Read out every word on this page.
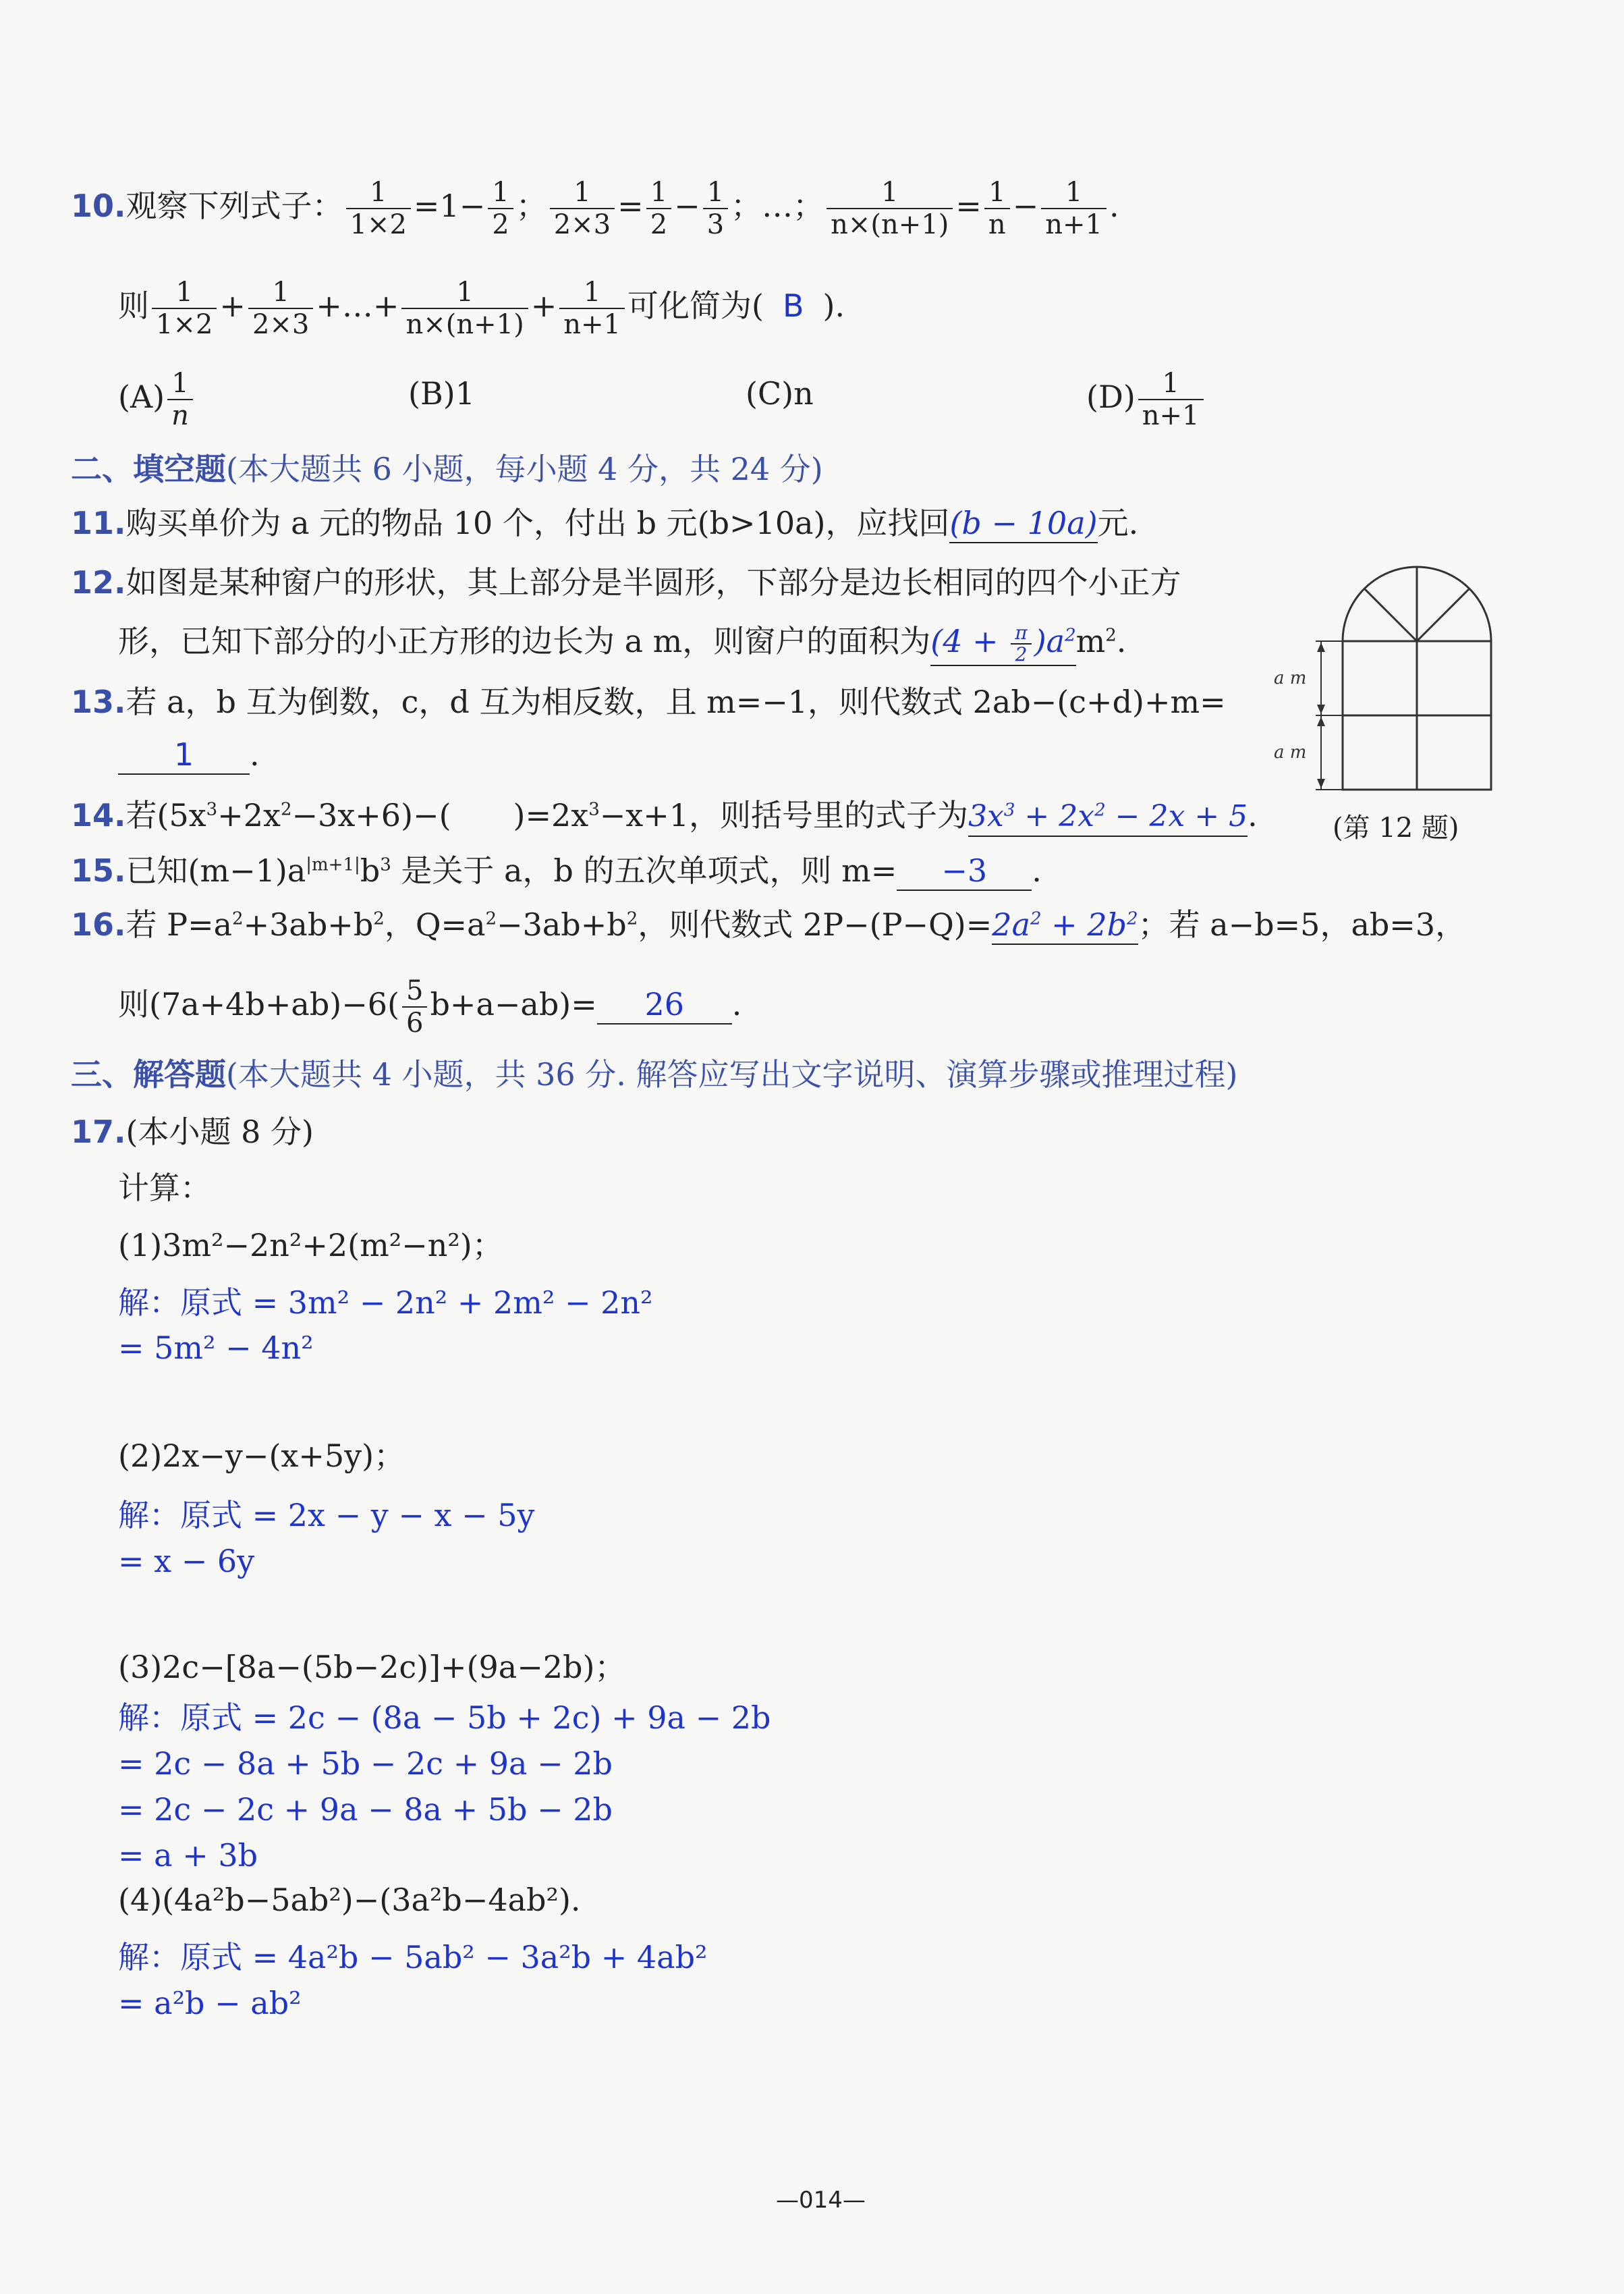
10.观察下列式子： $\frac{1}{1\times 2} =1- \frac{1}{2}$ ； $\frac{1}{2\times 3} = \frac{1}{2} - \frac{1}{3}$ ；…； $\frac{1}{n\times(n+1)} = \frac{1}{n} - \frac{1}{n+1}$ .
则 $\frac{1}{1\times 2} + \frac{1}{2\times 3}$ +…+ $\frac{1}{n\times(n+1)} + \frac{1}{n+1}$ 可化简为( B ).
$(A) \frac{1}{n}$	(B)1	(C)n	$(D) \frac{1}{n+1}$
二、填空题(本大题共 6 小题，每小题 4 分，共 24 分)
11.购买单价为 a 元的物品 10 个，付出 b 元(b>10a)，应找回(b − 10a)元.
12.如图是某种窗户的形状，其上部分是半圆形，下部分是边长相同的四个小正方
形，已知下部分的小正方形的边长为 a m，则窗户的面积为$(4 + \frac{\pi}{2} )a^2m^2$.
13.若 a，b 互为倒数，c，d 互为相反数，且 m=−1，则代数式 2ab−(c+d)+m=
1 .
14.若$(5x^3+2x^2-3x+6)-$(　　)$=2x^3-x+1$，则括号里的式子为$3x^3 + 2x^2 - 2x + 5$.
15.已知$(m-1)a^{|m+1|}b^3$ 是关于 a，b 的五次单项式，则 m= −3 .
16.若 $P=a^2+3ab+b^2$，$Q=a^2-3ab+b^2$，则代数式 $2P-(P-Q)=2a^2 + 2b^2$；若 a−b=5，ab=3，
则$(7a+4b+ab)-6( \frac{5}{6} b+a-ab)= 26$ .
三、解答题(本大题共 4 小题，共 36 分. 解答应写出文字说明、演算步骤或推理过程)
17.(本小题 8 分)
计算：
(1)3m²−2n²+2(m²−n²)；
解：原式 = 3m² − 2n² + 2m² − 2n²
= 5m² − 4n²
(2)2x−y−(x+5y)；
解：原式 = 2x − y − x − 5y
= x − 6y
(3)2c−[8a−(5b−2c)]+(9a−2b)；
解：原式 = 2c − (8a − 5b + 2c) + 9a − 2b
= 2c − 8a + 5b − 2c + 9a − 2b
= 2c − 2c + 9a − 8a + 5b − 2b
= a + 3b
(4)(4a²b−5ab²)−(3a²b−4ab²).
解：原式 = 4a²b − 5ab² − 3a²b + 4ab²
= a²b − ab²
a m
a m
(第 12 题)
—014—
